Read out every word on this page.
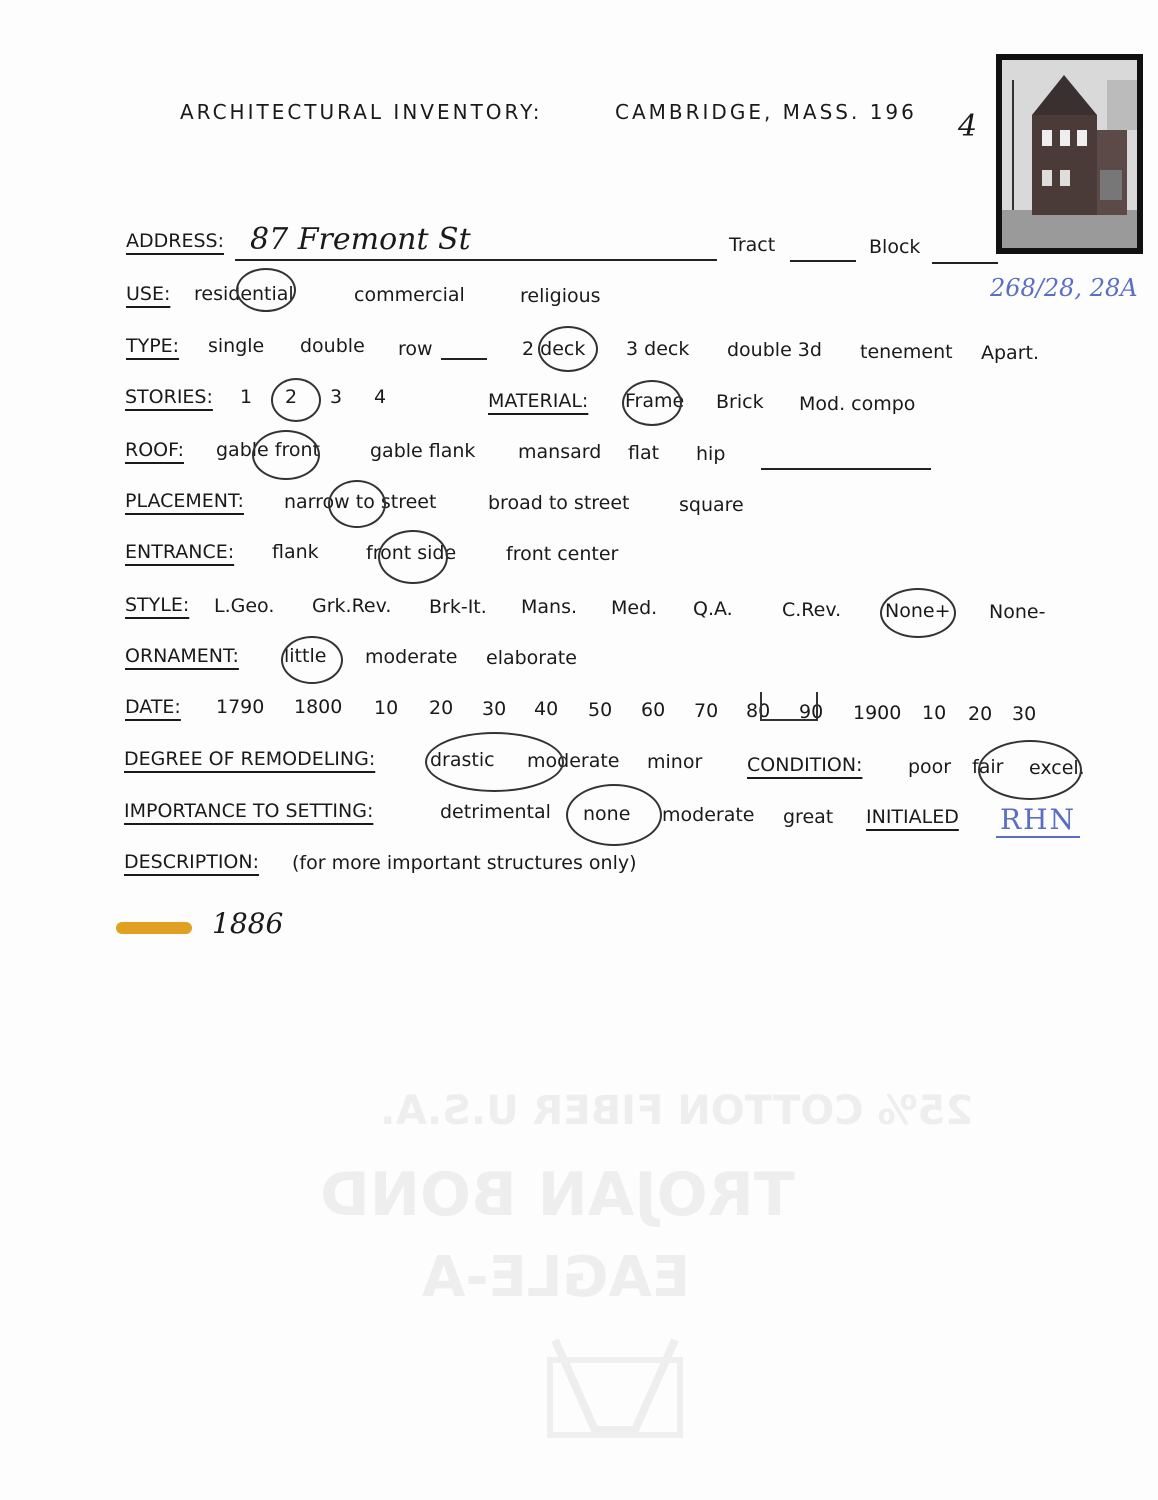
ARCHITECTURAL INVENTORY:	CAMBRIDGE, MASS. 196 4
ADDRESS: 87 Fremont St	Tract	Block
268/28, 28A
USE: residential	commercial	religious
TYPE: single double row	2 deck 3 deck double 3d tenement Apart.
STORIES: 1 2 3 4	MATERIAL: Frame Brick Mod. compo
ROOF: gable front	gable flank mansard flat hip
PLACEMENT: narrow to street	broad to street	square
ENTRANCE: flank front side	front center
STYLE: L.Geo. Grk.Rev. Brk-It. Mans. Med. Q.A.	C.Rev. None+ None-
ORNAMENT: little moderate elaborate
DATE: 1790 1800 10 20 30 40 50 60 70 80 90 1900 10 20 30
DEGREE OF REMODELING:	drastic moderate minor CONDITION: poor fair excel.
IMPORTANCE TO SETTING:	detrimental none moderate great INITIALED RHN
DESCRIPTION: (for more important structures only)
1886
25% COTTON FIBER U.S.A.
TROJAN BOND
EAGLE-A
